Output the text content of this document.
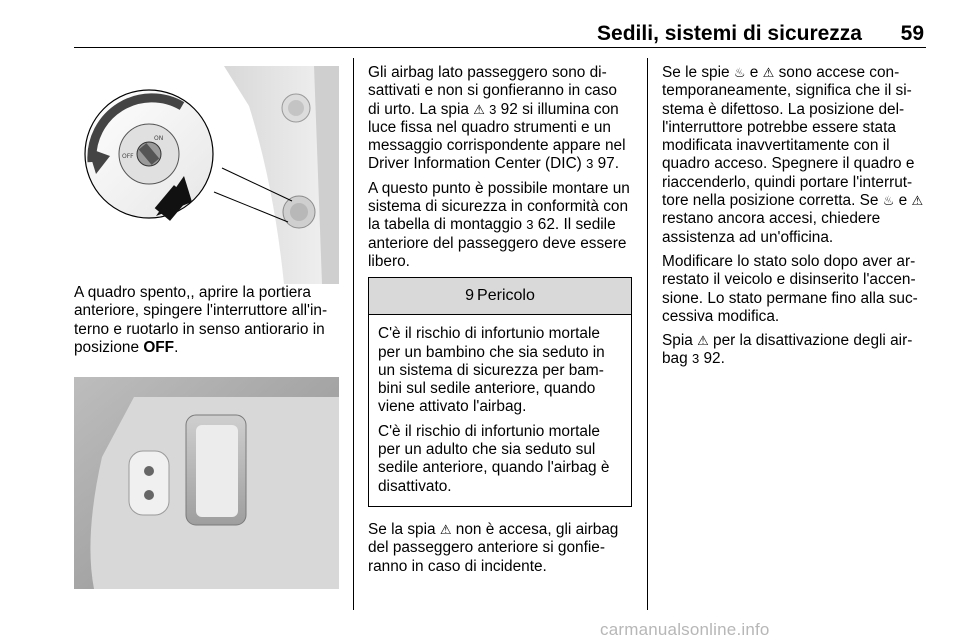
Sedili, sistemi di sicurezza 59
ON
OFF

A quadro spento,, aprire la portiera anteriore, spingere l'interruttore all'in-terno e ruotarlo in senso antiorario in posizione OFF.

Gli airbag lato passeggero sono di-sattivati e non si gonfieranno in caso di urto. La spia ⚠ 3 92 si illumina con luce fissa nel quadro strumenti e un messaggio corrispondente appare nel Driver Information Center (DIC) 3 97.

A questo punto è possibile montare un sistema di sicurezza in conformità con la tabella di montaggio 3 62. Il sedile anteriore del passeggero deve essere libero.

9 Pericolo

C'è il rischio di infortunio mortale per un bambino che sia seduto in un sistema di sicurezza per bam-bini sul sedile anteriore, quando viene attivato l'airbag.

C'è il rischio di infortunio mortale per un adulto che sia seduto sul sedile anteriore, quando l'airbag è disattivato.

Se la spia ⚠ non è accesa, gli airbag del passeggero anteriore si gonfie-ranno in caso di incidente.

Se le spie ♨ e ⚠ sono accese con-temporaneamente, significa che il si-stema è difettoso. La posizione del-l'interruttore potrebbe essere stata modificata inavvertitamente con il quadro acceso. Spegnere il quadro e riaccenderlo, quindi portare l'interrut-tore nella posizione corretta. Se ♨ e ⚠ restano ancora accesi, chiedere assistenza ad un'officina.

Modificare lo stato solo dopo aver ar-restato il veicolo e disinserito l'accen-sione. Lo stato permane fino alla suc-cessiva modifica.

Spia ⚠ per la disattivazione degli air-bag 3 92.

carmanualsonline.info
